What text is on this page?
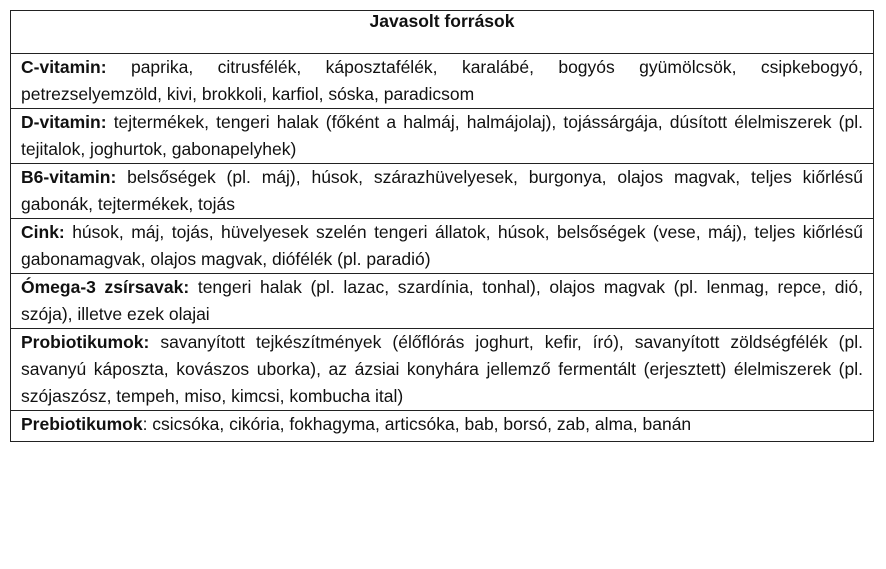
Javasolt források
C-vitamin: paprika, citrusfélék, káposztafélék, karalábé, bogyós gyümölcsök, csipkebogyó, petrezselyemzöld, kivi, brokkoli, karfiol, sóska, paradicsom
D-vitamin: tejtermékek, tengeri halak (főként a halmáj, halmájolaj), tojássárgája, dúsított élelmiszerek (pl. tejitalok, joghurtok, gabonapelyhek)
B6-vitamin: belsőségek (pl. máj), húsok, szárazhüvelyesek, burgonya, olajos magvak, teljes kiőrlésű gabonák, tejtermékek, tojás
Cink: húsok, máj, tojás, hüvelyesek szelén tengeri állatok, húsok, belsőségek (vese, máj), teljes kiőrlésű gabonamagvak, olajos magvak, diófélék (pl. paradió)
Ómega-3 zsírsavak: tengeri halak (pl. lazac, szardínia, tonhal), olajos magvak (pl. lenmag, repce, dió, szója), illetve ezek olajai
Probiotikumok: savanyított tejkészítmények (élőflórás joghurt, kefir, író), savanyított zöldségfélék (pl. savanyú káposzta, kovászos uborka), az ázsiai konyhára jellemző fermentált (erjesztett) élelmiszerek (pl. szójaszósz, tempeh, miso, kimcsi, kombucha ital)
Prebiotikumok: csicsóka, cikória, fokhagyma, articsóka, bab, borsó, zab, alma, banán
